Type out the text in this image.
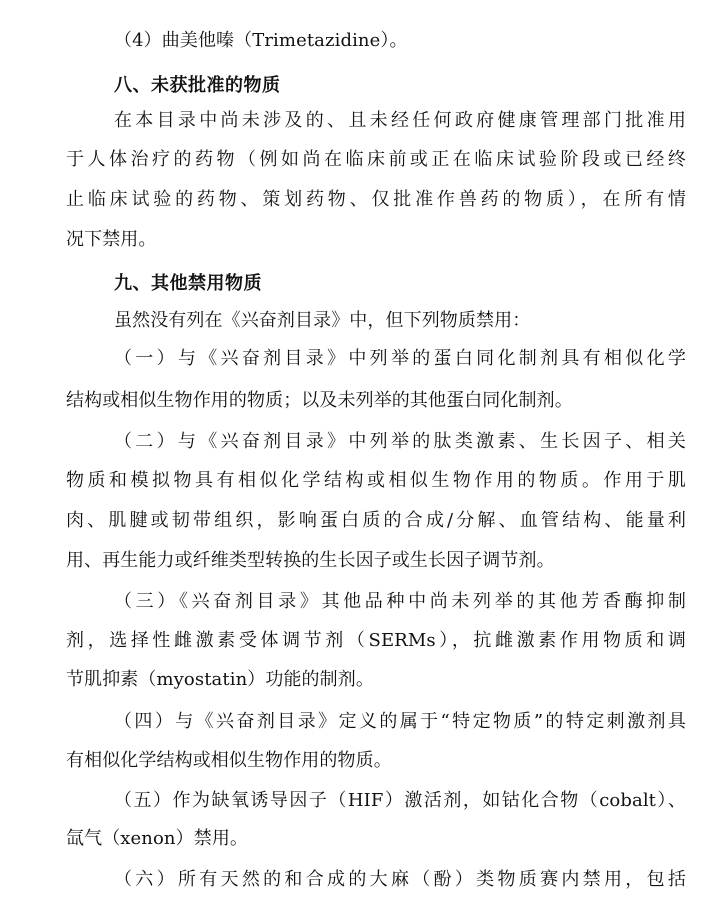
（4）曲美他嗪（Trimetazidine）。
八、未获批准的物质
在本目录中尚未涉及的、且未经任何政府健康管理部门批准用
于人体治疗的药物（例如尚在临床前或正在临床试验阶段或已经终
止临床试验的药物、策划药物、仅批准作兽药的物质），在所有情
况下禁用。
九、其他禁用物质
虽然没有列在《兴奋剂目录》中，但下列物质禁用：
（一）与《兴奋剂目录》中列举的蛋白同化制剂具有相似化学
结构或相似生物作用的物质；以及未列举的其他蛋白同化制剂。
（二）与《兴奋剂目录》中列举的肽类激素、生长因子、相关
物质和模拟物具有相似化学结构或相似生物作用的物质。作用于肌
肉、肌腱或韧带组织，影响蛋白质的合成/分解、血管结构、能量利
用、再生能力或纤维类型转换的生长因子或生长因子调节剂。
（三）《兴奋剂目录》其他品种中尚未列举的其他芳香酶抑制
剂，选择性雌激素受体调节剂（SERMs），抗雌激素作用物质和调
节肌抑素（myostatin）功能的制剂。
（四）与《兴奋剂目录》定义的属于“特定物质”的特定刺激剂具
有相似化学结构或相似生物作用的物质。
（五）作为缺氧诱导因子（HIF）激活剂，如钴化合物（cobalt）、
氙气（xenon）禁用。
（六）所有天然的和合成的大麻（酚）类物质赛内禁用，包括
